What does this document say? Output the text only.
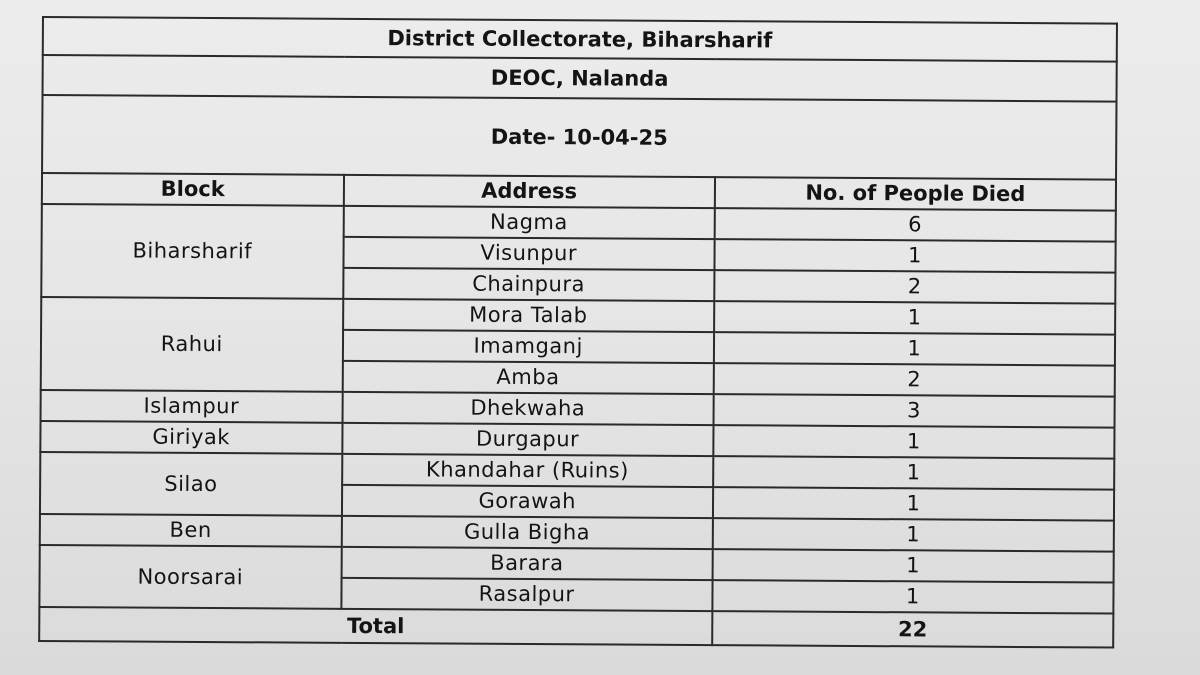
District Collectorate, Biharsharif		
DEOC, Nalanda		
Date- 10-04-25		
Block	Address	No. of People Died
Biharsharif	Nagma	6
	Visunpur	1
	Chainpura	2
Rahui	Mora Talab	1
	Imamganj	1
	Amba	2
Islampur	Dhekwaha	3
Giriyak	Durgapur	1
Silao	Khandahar (Ruins)	1
	Gorawah	1
Ben	Gulla Bigha	1
Noorsarai	Barara	1
	Rasalpur	1
Total		22
